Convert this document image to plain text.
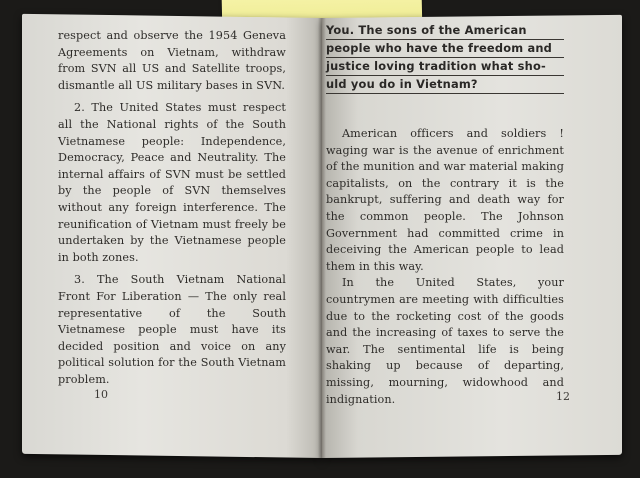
respect and observe the 1954 Geneva Agreements on Vietnam, withdraw from SVN all US and Satellite troops, dismantle all US military bases in SVN.

2. The United States must respect all the National rights of the South Vietnamese people: Independence, Democracy, Peace and Neutrality. The internal affairs of SVN must be settled by the people of SVN themselves without any foreign interference. The reunification of Vietnam must freely be undertaken by the Vietnamese people in both zones.

3. The South Vietnam National Front For Liberation — The only real representative of the South Vietnamese people must have its decided position and voice on any political solution for the South Vietnam problem.

You. The sons of the American
people who have the freedom and
justice loving tradition what sho-
uld you do in Vietnam?

American officers and soldiers ! waging war is the avenue of enrichment of the munition and war material making capitalists, on the contrary it is the bankrupt, suffering and death way for the common people. The Johnson Government had committed crime in deceiving the American people to lead them in this way.

In the United States, your countrymen are meeting with difficulties due to the rocketing cost of the goods and the increasing of taxes to serve the war. The sentimental life is being shaking up because of departing, missing, mourning, widowhood and indignation.

10	12
